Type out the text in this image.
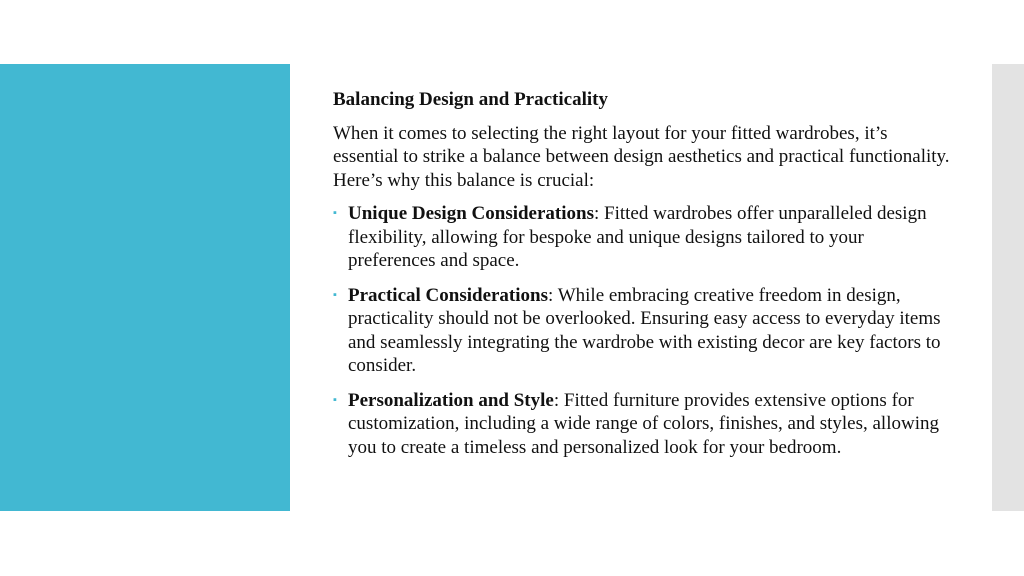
Balancing Design and Practicality

When it comes to selecting the right layout for your fitted wardrobes, it’s essential to strike a balance between design aesthetics and practical functionality. Here’s why this balance is crucial:

▪ Unique Design Considerations: Fitted wardrobes offer unparalleled design flexibility, allowing for bespoke and unique designs tailored to your preferences and space.
▪ Practical Considerations: While embracing creative freedom in design, practicality should not be overlooked. Ensuring easy access to everyday items and seamlessly integrating the wardrobe with existing decor are key factors to consider.
▪ Personalization and Style: Fitted furniture provides extensive options for customization, including a wide range of colors, finishes, and styles, allowing you to create a timeless and personalized look for your bedroom.
